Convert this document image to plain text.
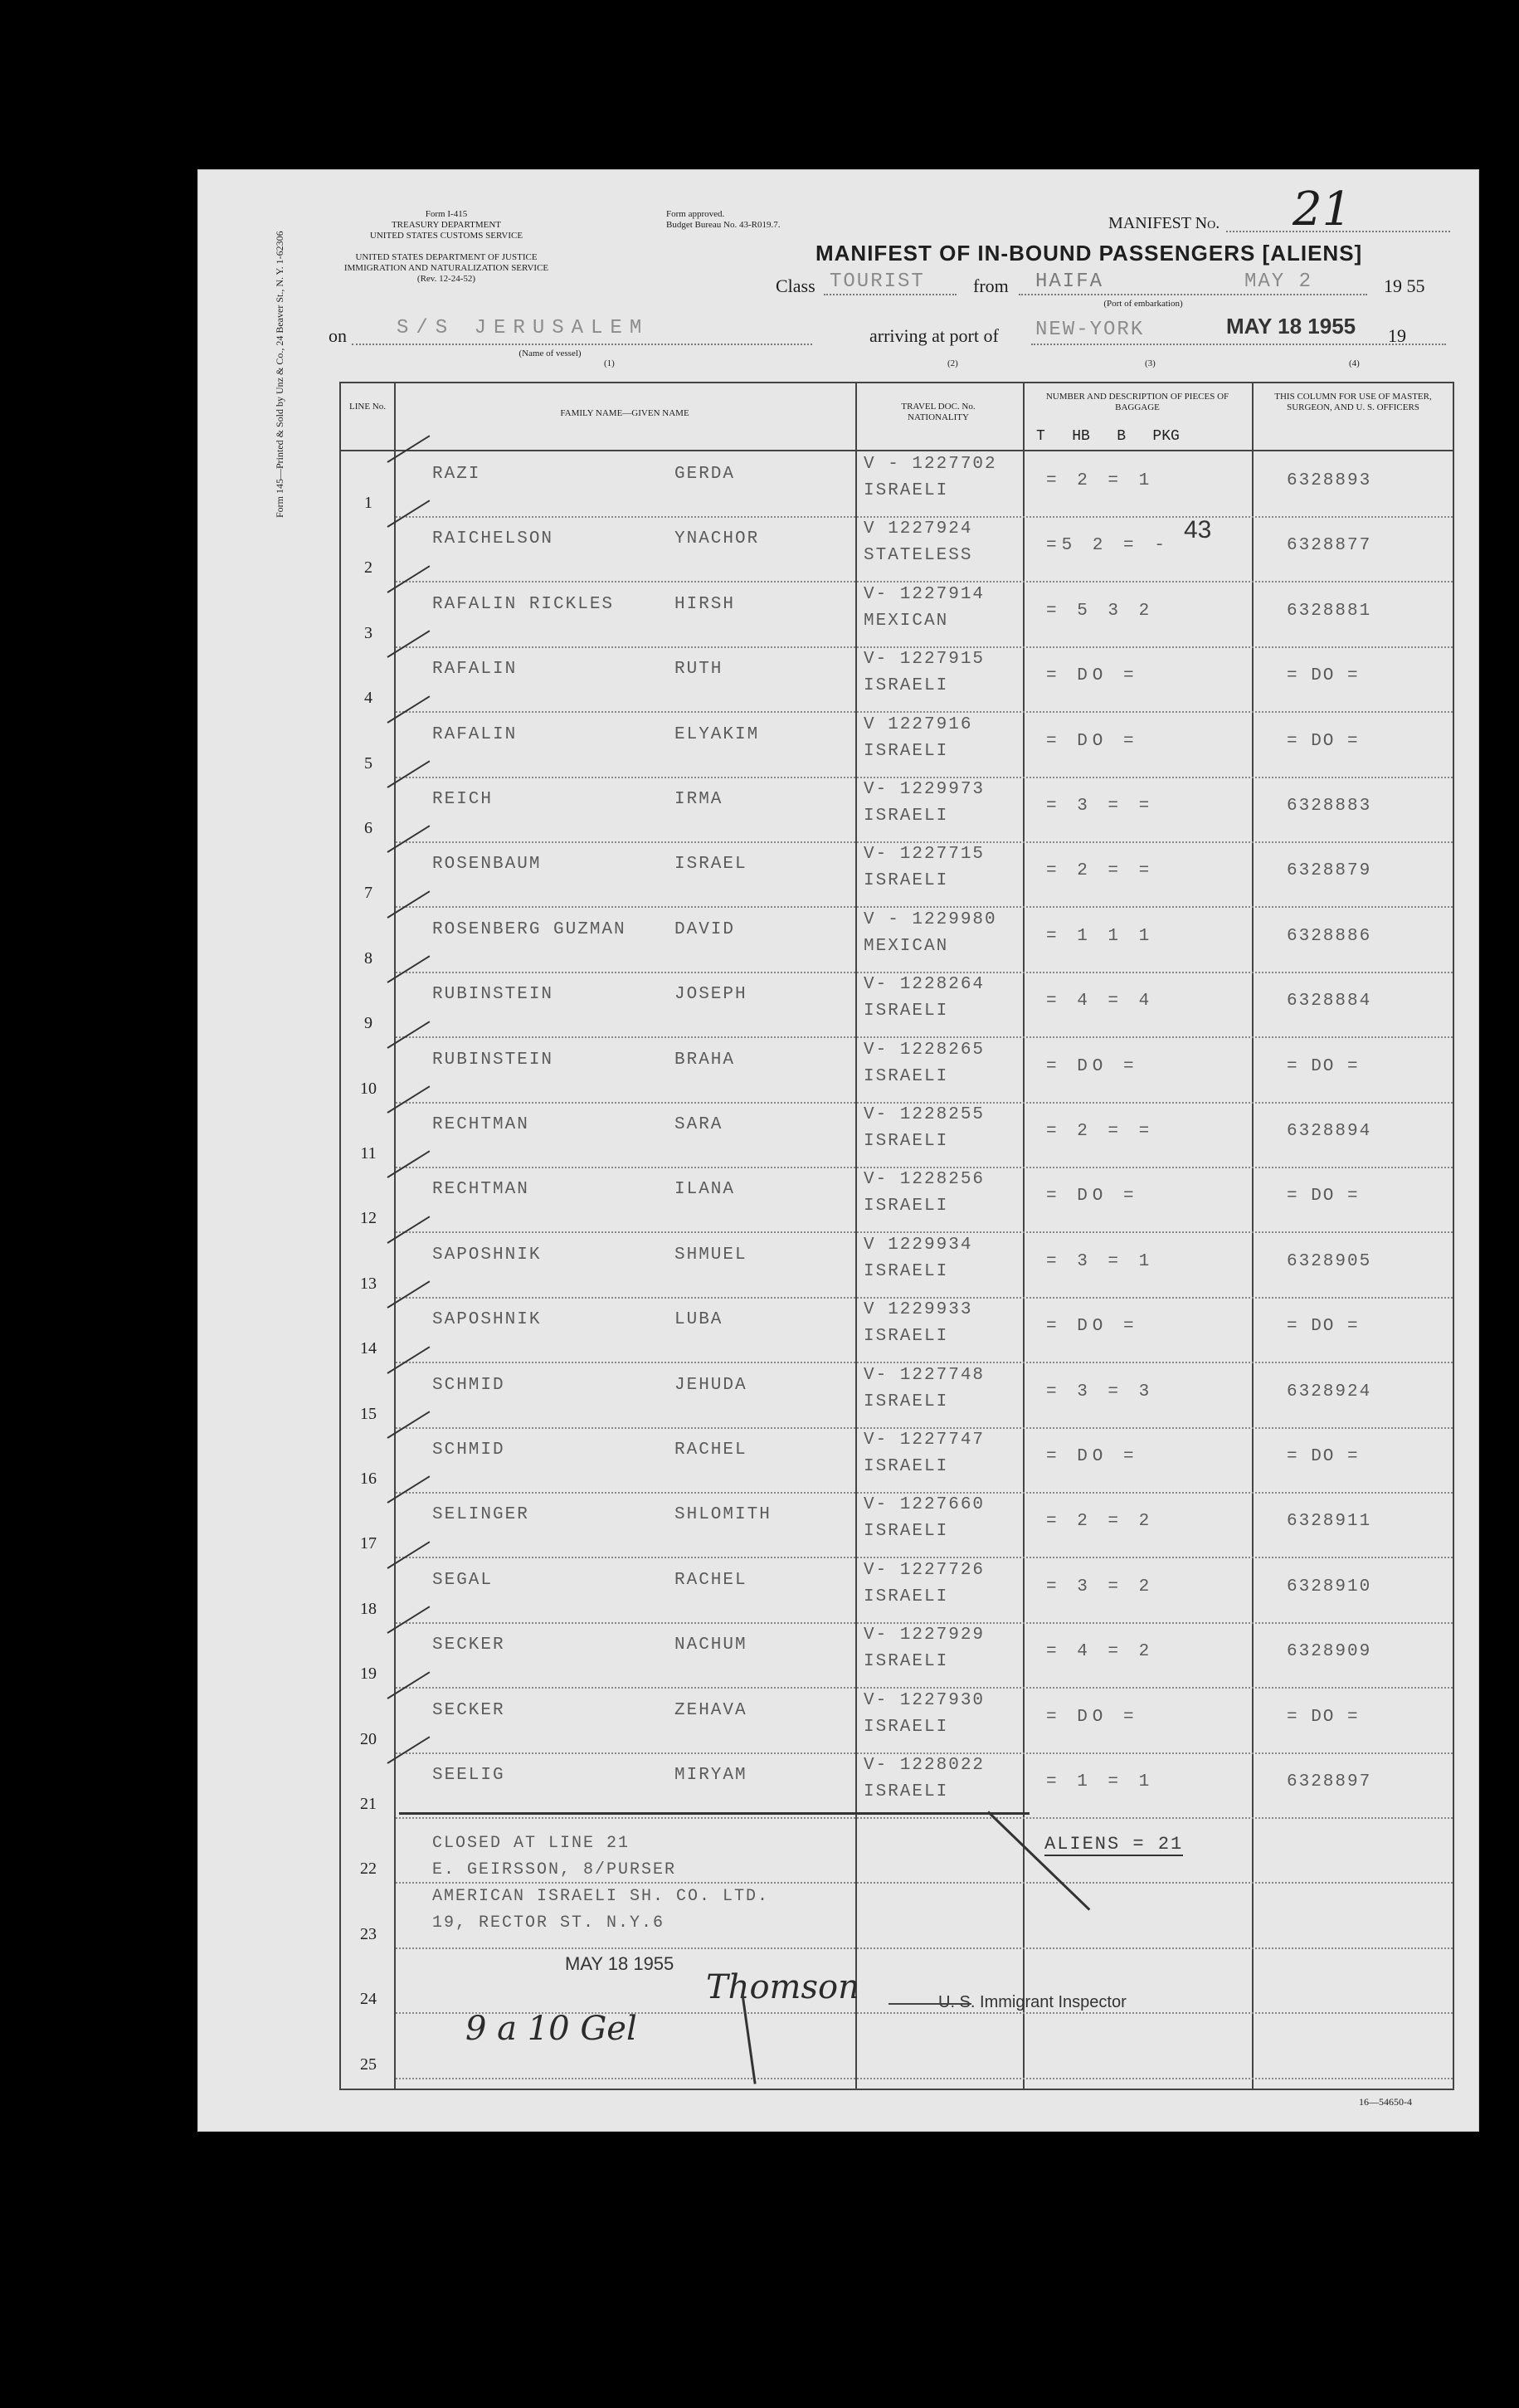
Form 145—Printed & Sold by Unz & Co., 24 Beaver St., N. Y. 1-62306
Form I-415
TREASURY DEPARTMENT
UNITED STATES CUSTOMS SERVICE
UNITED STATES DEPARTMENT OF JUSTICE
IMMIGRATION AND NATURALIZATION SERVICE
(Rev. 12-24-52)
Form approved.
Budget Bureau No. 43-R019.7.	MANIFEST No. 21
MANIFEST OF IN-BOUND PASSENGERS [ALIENS]
Class TOURIST	from HAIFA	MAY 2	19 55
(Port of embarkation)
on	S/S JERUSALEM
(Name of vessel)
arriving at port of NEW-YORK	MAY 18 1955 19
(1)	(2)	(3)	(4)
LINE No.
FAMILY NAME—GIVEN NAME
TRAVEL DOC. No. NATIONALITY
NUMBER AND DESCRIPTION OF PIECES OF BAGGAGE
T   HB   B   PKG
THIS COLUMN FOR USE OF MASTER, SURGEON, AND U. S. OFFICERS
1
RAZI	GERDA
V - 1227702
ISRAELI
= 2 = 1	6328893
2
RAICHELSON	YNACHOR
V 1227924
STATELESS
=5 2 = -	6328877
3
RAFALIN RICKLES	HIRSH
V- 1227914
MEXICAN
= 5 3 2	6328881
4
RAFALIN	RUTH
V- 1227915
ISRAELI
= DO =	= DO =
5
RAFALIN	ELYAKIM
V 1227916
ISRAELI
= DO =	= DO =
6
REICH	IRMA
V- 1229973
ISRAELI
= 3 = =	6328883
7
ROSENBAUM	ISRAEL
V- 1227715
ISRAELI
= 2 = =	6328879
8
ROSENBERG GUZMAN	DAVID
V - 1229980
MEXICAN
= 1 1 1	6328886
9
RUBINSTEIN	JOSEPH
V- 1228264
ISRAELI
= 4 = 4	6328884
10
RUBINSTEIN	BRAHA
V- 1228265
ISRAELI
= DO =	= DO =
11
RECHTMAN	SARA
V- 1228255
ISRAELI
= 2 = =	6328894
12
RECHTMAN	ILANA
V- 1228256
ISRAELI
= DO =	= DO =
13
SAPOSHNIK	SHMUEL
V 1229934
ISRAELI
= 3 = 1	6328905
14
SAPOSHNIK	LUBA
V 1229933
ISRAELI
= DO =	= DO =
15
SCHMID	JEHUDA
V- 1227748
ISRAELI
= 3 = 3	6328924
16
SCHMID	RACHEL
V- 1227747
ISRAELI
= DO =	= DO =
17
SELINGER	SHLOMITH
V- 1227660
ISRAELI
= 2 = 2	6328911
18
SEGAL	RACHEL
V- 1227726
ISRAELI
= 3 = 2	6328910
19
SECKER	NACHUM
V- 1227929
ISRAELI
= 4 = 2	6328909
20
SECKER	ZEHAVA
V- 1227930
ISRAELI
= DO =	= DO =
21
SEELIG	MIRYAM
V- 1228022
ISRAELI
= 1 = 1	6328897
22
23
24
25
CLOSED AT LINE 21
E. GEIRSSON, 8/PURSER
AMERICAN ISRAELI SH. CO. LTD.
19, RECTOR ST. N.Y.6
ALIENS = 21
MAY 18 1955
Thomson	U. S. Immigrant Inspector
9 a 10 Gel
43
16—54650-4
